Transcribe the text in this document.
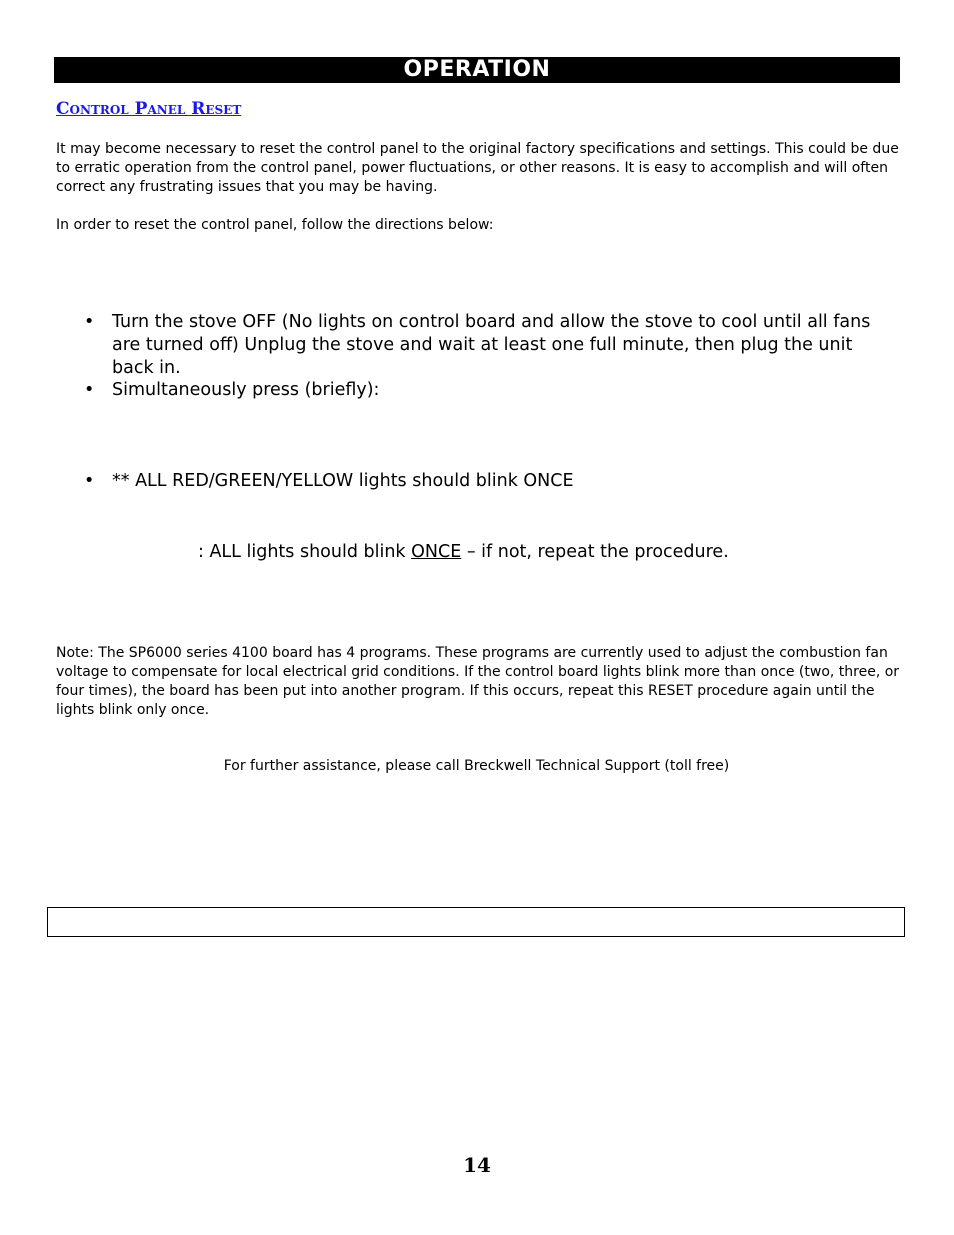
OPERATION
Control Panel Reset

It may become necessary to reset the control panel to the original factory specifications and settings. This could be due to erratic operation from the control panel, power fluctuations, or other reasons. It is easy to accomplish and will often correct any frustrating issues that you may be having.

In order to reset the control panel, follow the directions below:

• Turn the stove OFF (No lights on control board and allow the stove to cool until all fans are turned off) Unplug the stove and wait at least one full minute, then plug the unit back in.
• Simultaneously press (briefly):
• ** ALL RED/GREEN/YELLOW lights should blink ONCE
: ALL lights should blink ONCE – if not, repeat the procedure.

Note: The SP6000 series 4100 board has 4 programs. These programs are currently used to adjust the combustion fan voltage to compensate for local electrical grid conditions. If the control board lights blink more than once (two, three, or four times), the board has been put into another program. If this occurs, repeat this RESET procedure again until the lights blink only once.

For further assistance, please call Breckwell Technical Support (toll free)

14
